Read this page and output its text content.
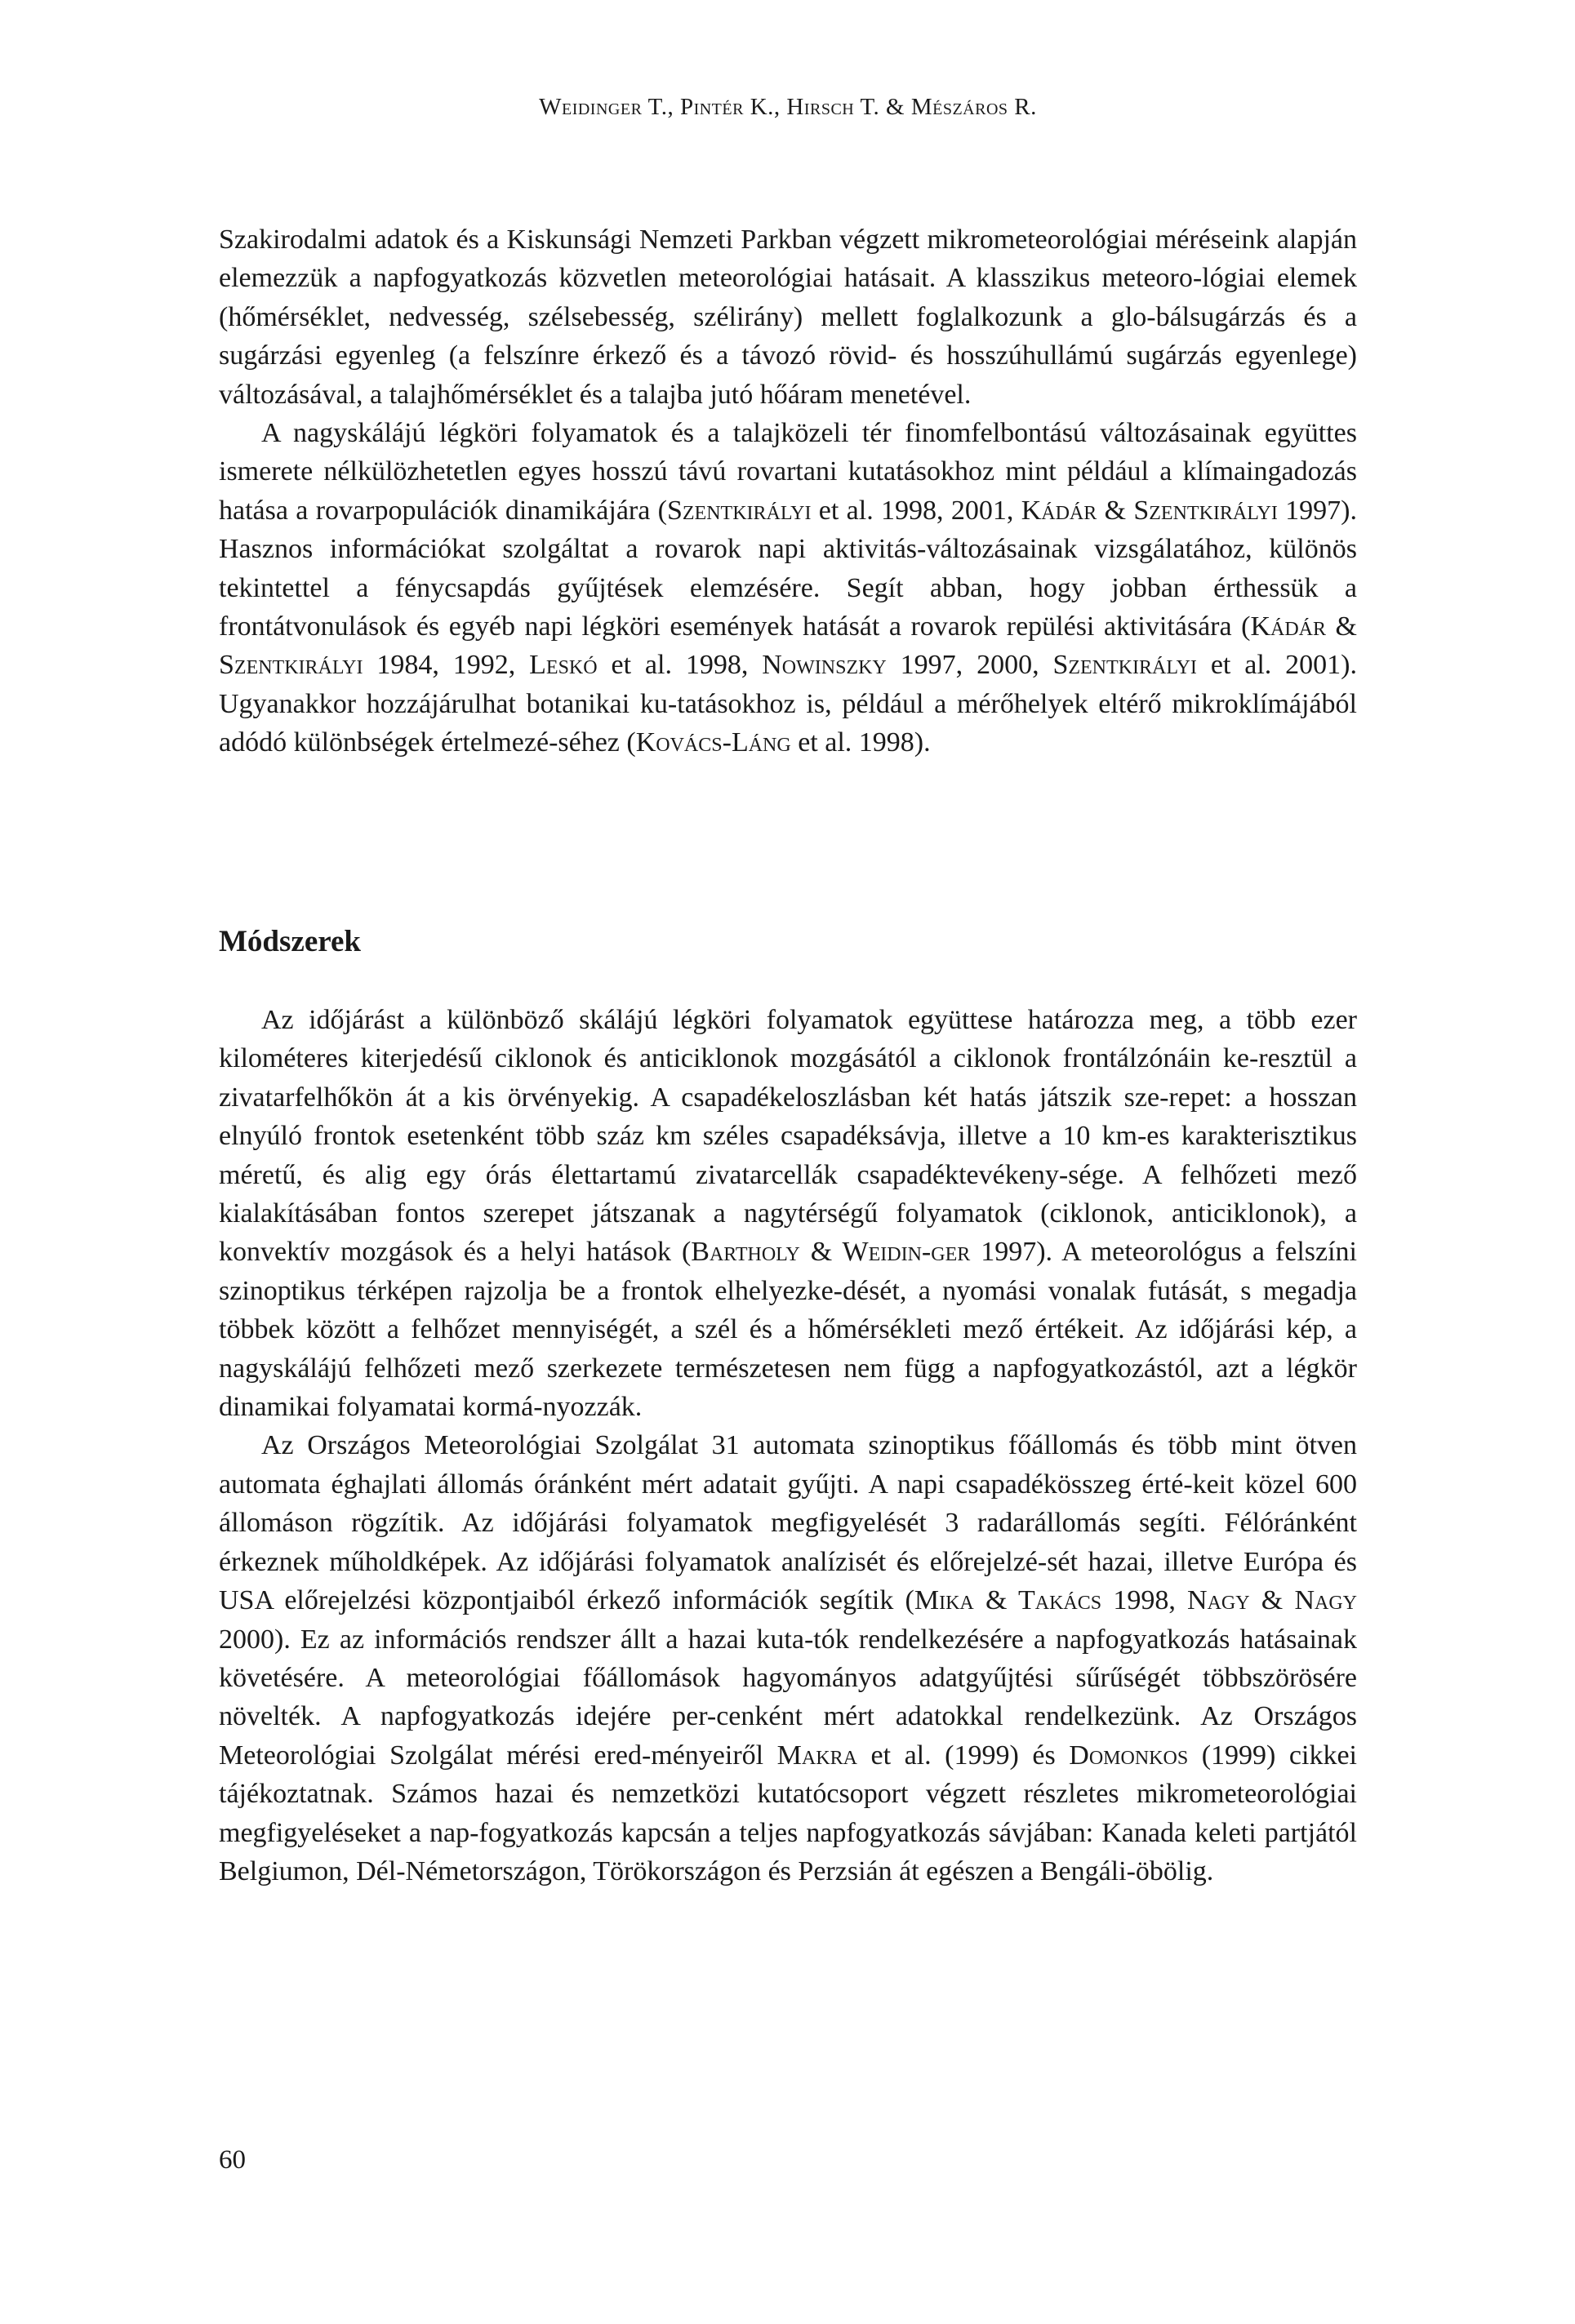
Weidinger T., Pintér K., Hirsch T. & Mészáros R.

Szakirodalmi adatok és a Kiskunsági Nemzeti Parkban végzett mikrometeorológiai méréseink alapján elemezzük a napfogyatkozás közvetlen meteorológiai hatásait. A klasszikus meteoro-lógiai elemek (hőmérséklet, nedvesség, szélsebesség, szélirány) mellett foglalkozunk a glo-bálsugárzás és a sugárzási egyenleg (a felszínre érkező és a távozó rövid- és hosszúhullámú sugárzás egyenlege) változásával, a talajhőmérséklet és a talajba jutó hőáram menetével.

A nagyskálájú légköri folyamatok és a talajközeli tér finomfelbontású változásainak együttes ismerete nélkülözhetetlen egyes hosszú távú rovartani kutatásokhoz mint például a klímaingadozás hatása a rovarpopulációk dinamikájára (Szentkirályi et al. 1998, 2001, Kádár & Szentkirályi 1997). Hasznos információkat szolgáltat a rovarok napi aktivitás-változásainak vizsgálatához, különös tekintettel a fénycsapdás gyűjtések elemzésére. Segít abban, hogy jobban érthessük a frontátvonulások és egyéb napi légköri események hatását a rovarok repülési aktivitására (Kádár & Szentkirályi 1984, 1992, Leskó et al. 1998, Nowinszky 1997, 2000, Szentkirályi et al. 2001). Ugyanakkor hozzájárulhat botanikai ku-tatásokhoz is, például a mérőhelyek eltérő mikroklímájából adódó különbségek értelmezé-séhez (Kovács-Láng et al. 1998).

Módszerek

Az időjárást a különböző skálájú légköri folyamatok együttese határozza meg, a több ezer kilométeres kiterjedésű ciklonok és anticiklonok mozgásától a ciklonok frontálzónáin ke-resztül a zivatarfelhőkön át a kis örvényekig. A csapadékeloszlásban két hatás játszik sze-repet: a hosszan elnyúló frontok esetenként több száz km széles csapadéksávja, illetve a 10 km-es karakterisztikus méretű, és alig egy órás élettartamú zivatarcellák csapadéktevékeny-sége. A felhőzeti mező kialakításában fontos szerepet játszanak a nagytérségű folyamatok (ciklonok, anticiklonok), a konvektív mozgások és a helyi hatások (Bartholy & Weidin-ger 1997). A meteorológus a felszíni szinoptikus térképen rajzolja be a frontok elhelyezke-dését, a nyomási vonalak futását, s megadja többek között a felhőzet mennyiségét, a szél és a hőmérsékleti mező értékeit. Az időjárási kép, a nagyskálájú felhőzeti mező szerkezete természetesen nem függ a napfogyatkozástól, azt a légkör dinamikai folyamatai kormá-nyozzák.

Az Országos Meteorológiai Szolgálat 31 automata szinoptikus főállomás és több mint ötven automata éghajlati állomás óránként mért adatait gyűjti. A napi csapadékösszeg érté-keit közel 600 állomáson rögzítik. Az időjárási folyamatok megfigyelését 3 radarállomás segíti. Félóránként érkeznek műholdképek. Az időjárási folyamatok analízisét és előrejelzé-sét hazai, illetve Európa és USA előrejelzési központjaiból érkező információk segítik (Mika & Takács 1998, Nagy & Nagy 2000). Ez az információs rendszer állt a hazai kuta-tók rendelkezésére a napfogyatkozás hatásainak követésére. A meteorológiai főállomások hagyományos adatgyűjtési sűrűségét többszörösére növelték. A napfogyatkozás idejére per-cenként mért adatokkal rendelkezünk. Az Országos Meteorológiai Szolgálat mérési ered-ményeiről Makra et al. (1999) és Domonkos (1999) cikkei tájékoztatnak. Számos hazai és nemzetközi kutatócsoport végzett részletes mikrometeorológiai megfigyeléseket a nap-fogyatkozás kapcsán a teljes napfogyatkozás sávjában: Kanada keleti partjától Belgiumon, Dél-Németországon, Törökországon és Perzsián át egészen a Bengáli-öbölig.

60
